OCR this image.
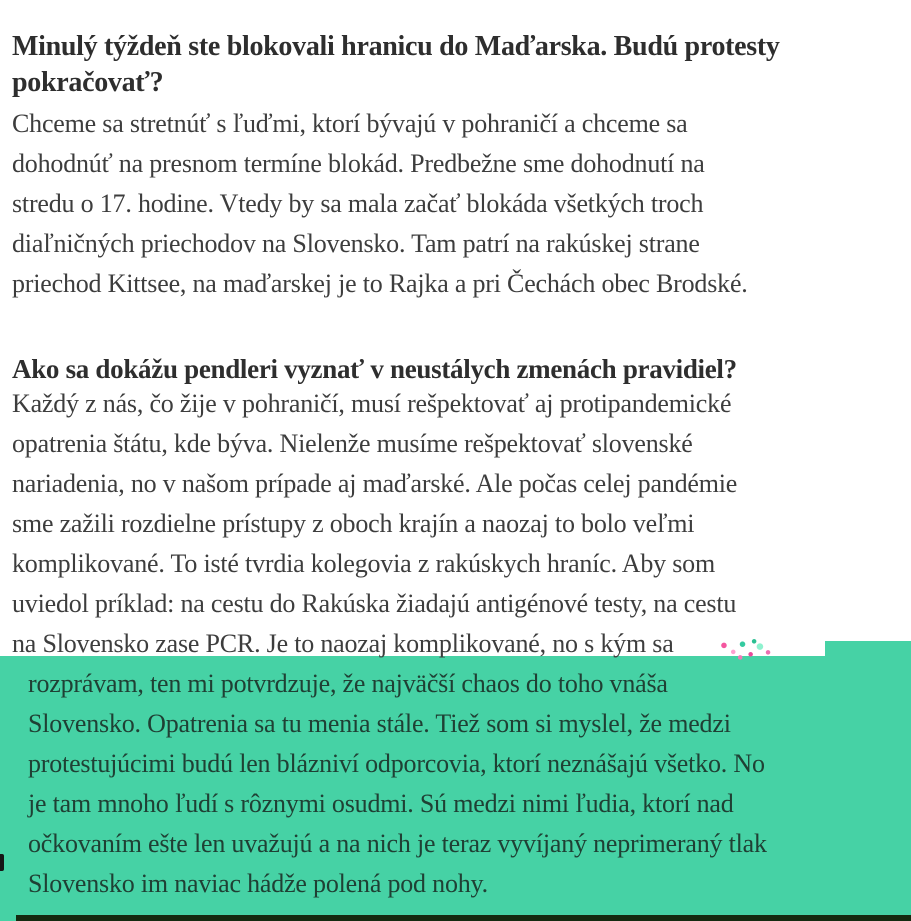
Minulý týždeň ste blokovali hranicu do Maďarska. Budú protesty
pokračovať?
Chceme sa stretnúť s ľuďmi, ktorí bývajú v pohraničí a chceme sa
dohodnúť na presnom termíne blokád. Predbežne sme dohodnutí na
stredu o 17. hodine. Vtedy by sa mala začať blokáda všetkých troch
diaľničných priechodov na Slovensko. Tam patrí na rakúskej strane
priechod Kittsee, na maďarskej je to Rajka a pri Čechách obec Brodské.
Ako sa dokážu pendleri vyznať v neustálych zmenách pravidiel?
Každý z nás, čo žije v pohraničí, musí rešpektovať aj protipandemické
opatrenia štátu, kde býva. Nielenže musíme rešpektovať slovenské
nariadenia, no v našom prípade aj maďarské. Ale počas celej pandémie
sme zažili rozdielne prístupy z oboch krajín a naozaj to bolo veľmi
komplikované. To isté tvrdia kolegovia z rakúskych hraníc. Aby som
uviedol príklad: na cestu do Rakúska žiadajú antigénové testy, na cestu
na Slovensko zase PCR. Je to naozaj komplikované, no s kým sa
rozprávam, ten mi potvrdzuje, že najväčší chaos do toho vnáša
Slovensko. Opatrenia sa tu menia stále. Tiež som si myslel, že medzi
protestujúcimi budú len blázniví odporcovia, ktorí neznášajú všetko. No
je tam mnoho ľudí s rôznymi osudmi. Sú medzi nimi ľudia, ktorí nad
očkovaním ešte len uvažujú a na nich je teraz vyvíjaný neprimeraný tlak
Slovensko im naviac hádže polená pod nohy.
